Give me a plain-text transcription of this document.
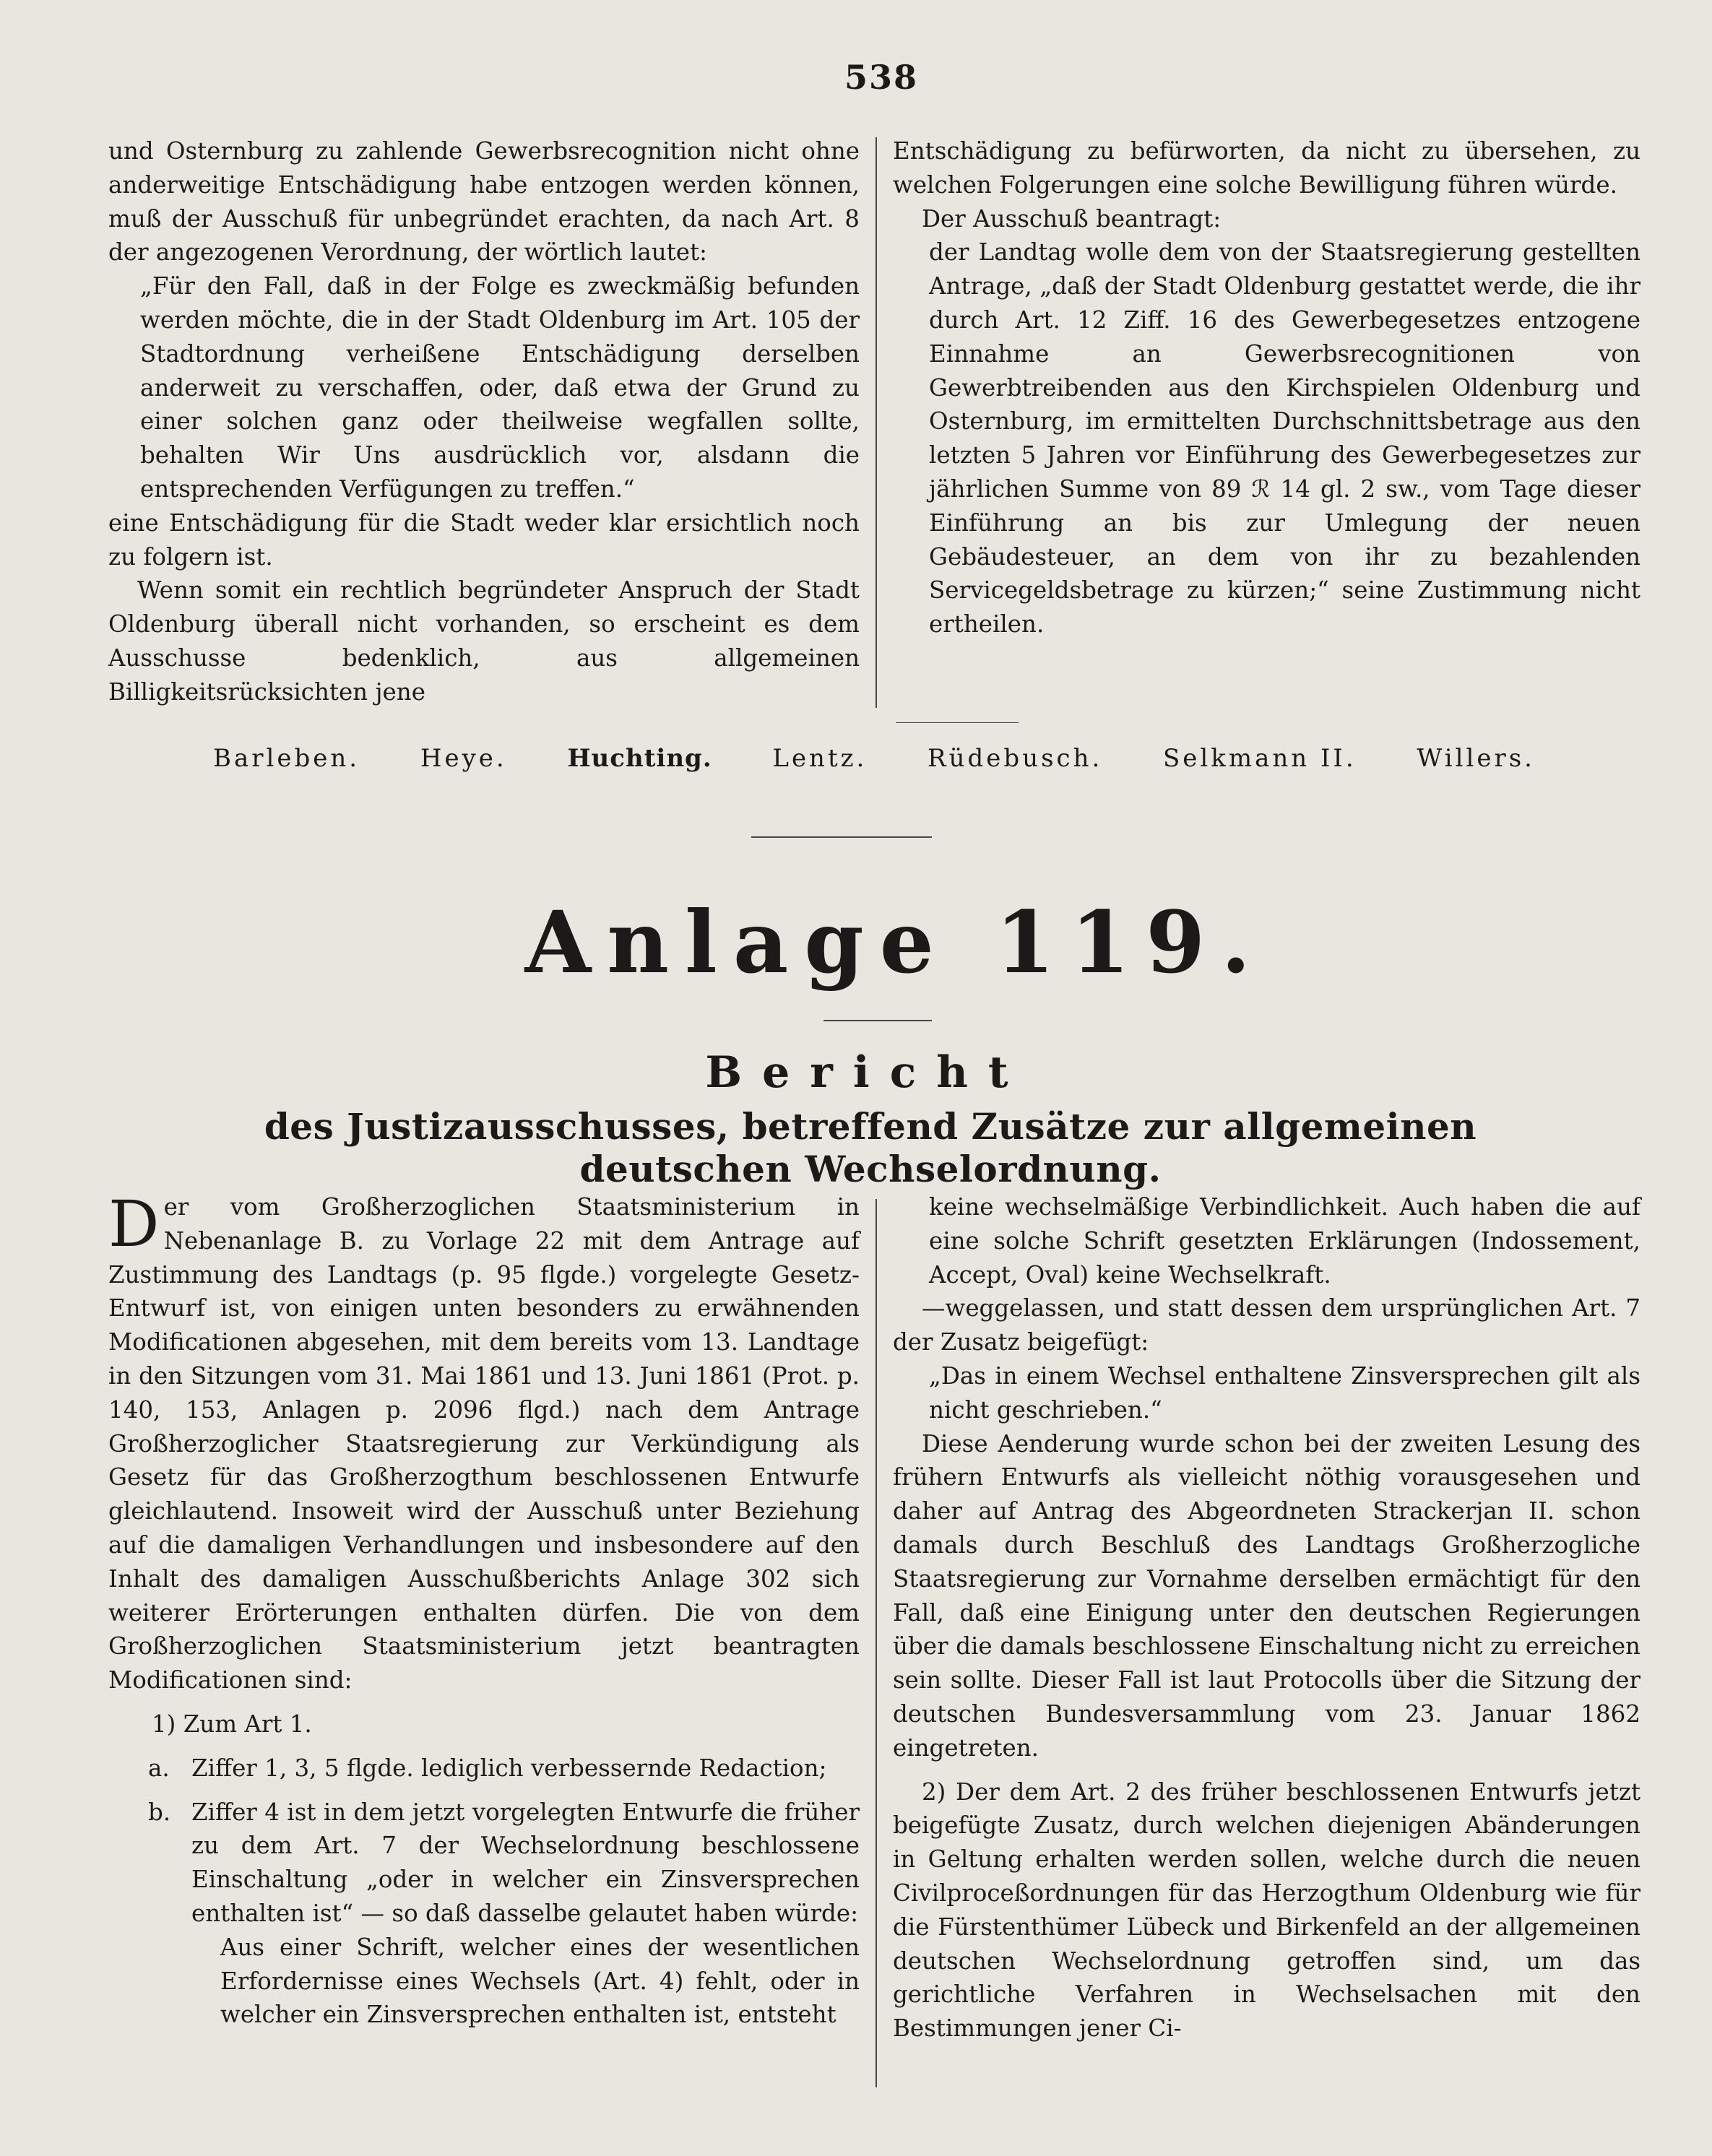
538

und Osternburg zu zahlende Gewerbsrecognition nicht ohne anderweitige Entschädigung habe entzogen werden können, muß der Ausschuß für unbegründet erachten, da nach Art. 8 der angezogenen Verordnung, der wörtlich lautet:

„Für den Fall, daß in der Folge es zweckmäßig befunden werden möchte, die in der Stadt Oldenburg im Art. 105 der Stadtordnung verheißene Entschädigung derselben anderweit zu verschaffen, oder, daß etwa der Grund zu einer solchen ganz oder theilweise wegfallen sollte, behalten Wir Uns ausdrücklich vor, alsdann die entsprechenden Verfügungen zu treffen.“

eine Entschädigung für die Stadt weder klar ersichtlich noch zu folgern ist.

Wenn somit ein rechtlich begründeter Anspruch der Stadt Oldenburg überall nicht vorhanden, so erscheint es dem Ausschusse bedenklich, aus allgemeinen Billigkeitsrücksichten jene

Entschädigung zu befürworten, da nicht zu übersehen, zu welchen Folgerungen eine solche Bewilligung führen würde.

Der Ausschuß beantragt:

der Landtag wolle dem von der Staatsregierung gestellten Antrage, „daß der Stadt Oldenburg gestattet werde, die ihr durch Art. 12 Ziff. 16 des Gewerbegesetzes entzogene Einnahme an Gewerbsrecognitionen von Gewerbtreibenden aus den Kirchspielen Oldenburg und Osternburg, im ermittelten Durchschnittsbetrage aus den letzten 5 Jahren vor Einführung des Gewerbegesetzes zur jährlichen Summe von 89 ℛ 14 gl. 2 sw., vom Tage dieser Einführung an bis zur Umlegung der neuen Gebäudesteuer, an dem von ihr zu bezahlenden Servicegeldsbetrage zu kürzen;“ seine Zustimmung nicht ertheilen.

Barleben. Heye. Huchting. Lentz. Rüdebusch. Selkmann II. Willers.
Anlage 119.
Bericht
des Justizausschusses, betreffend Zusätze zur allgemeinen deutschen Wechselordnung.

Der vom Großherzoglichen Staatsministerium in Nebenanlage B. zu Vorlage 22 mit dem Antrage auf Zustimmung des Landtags (p. 95 flgde.) vorgelegte Gesetz-Entwurf ist, von einigen unten besonders zu erwähnenden Modificationen abgesehen, mit dem bereits vom 13. Landtage in den Sitzungen vom 31. Mai 1861 und 13. Juni 1861 (Prot. p. 140, 153, Anlagen p. 2096 flgd.) nach dem Antrage Großherzoglicher Staatsregierung zur Verkündigung als Gesetz für das Großherzogthum beschlossenen Entwurfe gleichlautend. Insoweit wird der Ausschuß unter Beziehung auf die damaligen Verhandlungen und insbesondere auf den Inhalt des damaligen Ausschußberichts Anlage 302 sich weiterer Erörterungen enthalten dürfen. Die von dem Großherzoglichen Staatsministerium jetzt beantragten Modificationen sind:

1) Zum Art 1.

a. Ziffer 1, 3, 5 flgde. lediglich verbessernde Redaction;
b. Ziffer 4 ist in dem jetzt vorgelegten Entwurfe die früher zu dem Art. 7 der Wechselordnung beschlossene Einschaltung „oder in welcher ein Zinsversprechen enthalten ist“ — so daß dasselbe gelautet haben würde:

Aus einer Schrift, welcher eines der wesentlichen Erfordernisse eines Wechsels (Art. 4) fehlt, oder in welcher ein Zinsversprechen enthalten ist, entsteht

keine wechselmäßige Verbindlichkeit. Auch haben die auf eine solche Schrift gesetzten Erklärungen (Indossement, Accept, Oval) keine Wechselkraft.

—weggelassen, und statt dessen dem ursprünglichen Art. 7 der Zusatz beigefügt:

„Das in einem Wechsel enthaltene Zinsversprechen gilt als nicht geschrieben.“

Diese Aenderung wurde schon bei der zweiten Lesung des frühern Entwurfs als vielleicht nöthig vorausgesehen und daher auf Antrag des Abgeordneten Strackerjan II. schon damals durch Beschluß des Landtags Großherzogliche Staatsregierung zur Vornahme derselben ermächtigt für den Fall, daß eine Einigung unter den deutschen Regierungen über die damals beschlossene Einschaltung nicht zu erreichen sein sollte. Dieser Fall ist laut Protocolls über die Sitzung der deutschen Bundesversammlung vom 23. Januar 1862 eingetreten.

2) Der dem Art. 2 des früher beschlossenen Entwurfs jetzt beigefügte Zusatz, durch welchen diejenigen Abänderungen in Geltung erhalten werden sollen, welche durch die neuen Civilproceßordnungen für das Herzogthum Oldenburg wie für die Fürstenthümer Lübeck und Birkenfeld an der allgemeinen deutschen Wechselordnung getroffen sind, um das gerichtliche Verfahren in Wechselsachen mit den Bestimmungen jener Ci-
